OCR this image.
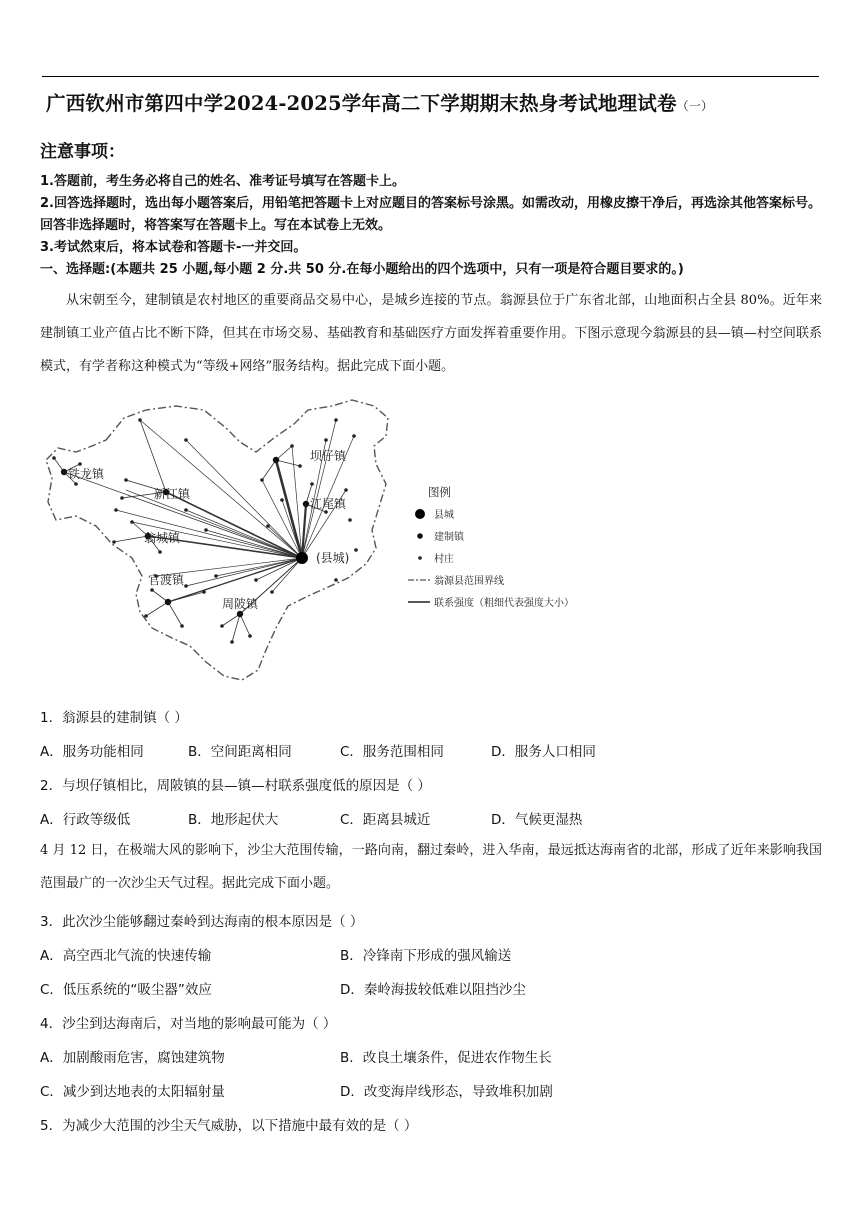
广西钦州市第四中学2024-2025学年高二下学期期末热身考试地理试卷（一）
注意事项：
1.答题前，考生务必将自己的姓名、准考证号填写在答题卡上。
2.回答选择题时，选出每小题答案后，用铅笔把答题卡上对应题目的答案标号涂黑。如需改动，用橡皮擦干净后，再选涂其他答案标号。回答非选择题时，将答案写在答题卡上。写在本试卷上无效。
3.考试然束后，将本试卷和答题卡-一并交回。
一、选择题:(本题共 25 小题,每小题 2 分.共 50 分.在每小题给出的四个选项中，只有一项是符合题目要求的。)
从宋朝至今，建制镇是农村地区的重要商品交易中心，是城乡连接的节点。翁源县位于广东省北部，山地面积占全县 80%。近年来建制镇工业产值占比不断下降，但其在市场交易、基础教育和基础医疗方面发挥着重要作用。下图示意现今翁源县的县—镇—村空间联系模式，有学者称这种模式为“等级+网络”服务结构。据此完成下面小题。
铁龙镇
新江镇
翁城镇
官渡镇
周陂镇
坝仔镇
江尾镇
(县城)
图例
县城
建制镇
村庄
翁源县范围界线
联系强度（粗细代表强度大小）
1．翁源县的建制镇（ ）
A．服务功能相同	B．空间距离相同	C．服务范围相同	D．服务人口相同
2．与坝仔镇相比，周陂镇的县—镇—村联系强度低的原因是（ ）
A．行政等级低	B．地形起伏大	C．距离县城近	D．气候更湿热
4 月 12 日，在极端大风的影响下，沙尘大范围传输，一路向南，翻过秦岭，进入华南，最远抵达海南省的北部，形成了近年来影响我国范围最广的一次沙尘天气过程。据此完成下面小题。
3．此次沙尘能够翻过秦岭到达海南的根本原因是（ ）
A．高空西北气流的快速传输	B．冷锋南下形成的强风输送
C．低压系统的“吸尘器”效应	D．秦岭海拔较低难以阻挡沙尘
4．沙尘到达海南后，对当地的影响最可能为（ ）
A．加剧酸雨危害，腐蚀建筑物	B．改良土壤条件，促进农作物生长
C．减少到达地表的太阳辐射量	D．改变海岸线形态，导致堆积加剧
5．为减少大范围的沙尘天气威胁，以下措施中最有效的是（ ）
